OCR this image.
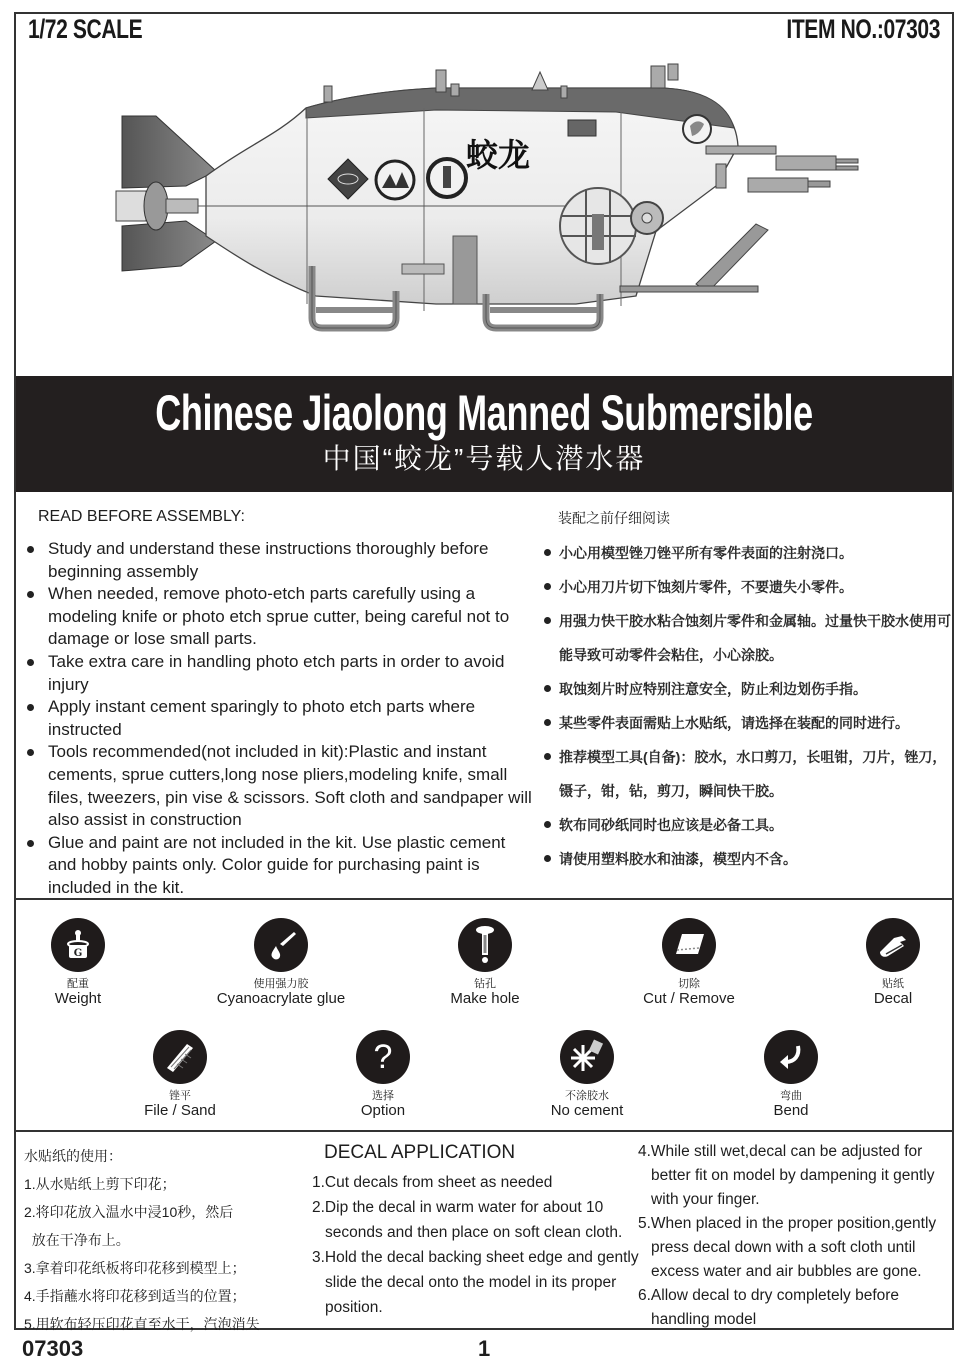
1/72 SCALE	ITEM NO.:07303
蛟龙
Chinese Jiaolong Manned Submersible
中国“蛟龙”号载人潜水器
READ BEFORE ASSEMBLY:
Study and understand these instructions thoroughly before beginning assembly
When needed, remove photo-etch parts carefully using a modeling knife or photo etch sprue cutter, being careful not to damage or lose small parts.
Take extra care in handling photo etch parts in order to avoid injury
Apply instant cement sparingly to photo etch parts where instructed
Tools recommended(not included in kit):Plastic and instant cements, sprue cutters,long nose pliers,modeling knife, small files, tweezers, pin vise & scissors. Soft cloth and sandpaper will also assist in construction
Glue and paint are not included in the kit. Use plastic cement and hobby paints only. Color guide for purchasing paint is included in the kit.
装配之前仔细阅读
小心用模型锉刀锉平所有零件表面的注射浇口。
小心用刀片切下蚀刻片零件，不要遗失小零件。
用强力快干胶水粘合蚀刻片零件和金属轴。过量快干胶水使用可能导致可动零件会粘住，小心涂胶。
取蚀刻片时应特别注意安全，防止利边划伤手指。
某些零件表面需贴上水贴纸，请选择在装配的同时进行。
推荐模型工具(自备)：胶水，水口剪刀，长咀钳，刀片，锉刀，镊子，钳，钻，剪刀，瞬间快干胶。
软布同砂纸同时也应该是必备工具。
请使用塑料胶水和油漆，模型内不含。
G
配重
Weight
使用强力胶
Cyanoacrylate glue
钻孔
Make hole
切除
Cut / Remove
贴纸
Decal
锉平
File / Sand
?
选择
Option
不涂胶水
No cement
弯曲
Bend
水贴纸的使用：
1.从水贴纸上剪下印花；
2.将印花放入温水中浸10秒，然后
放在干净布上。
3.拿着印花纸板将印花移到模型上；
4.手指蘸水将印花移到适当的位置；
5.用软布轻压印花直至水干，汽泡消失
DECAL APPLICATION
1.Cut decals from sheet as needed
2.Dip the decal in warm water for about 10 seconds and then place on soft clean cloth.
3.Hold the decal backing sheet edge and gently slide the decal onto the model in its proper position.
4.While still wet,decal can be adjusted for better fit on model by dampening it gently with your finger.
5.When placed in the proper position,gently press decal down with a soft cloth until excess water and air bubbles are gone.
6.Allow decal to dry completely before handling model
07303	1
